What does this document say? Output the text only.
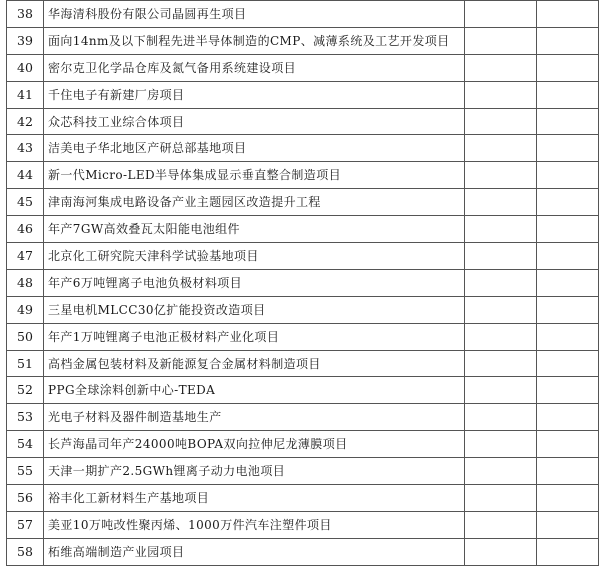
38	华海清科股份有限公司晶圆再生项目		
39	面向14nm及以下制程先进半导体制造的CMP、减薄系统及工艺开发项目		
40	密尔克卫化学品仓库及氮气备用系统建设项目		
41	千住电子有新建厂房项目		
42	众芯科技工业综合体项目		
43	洁美电子华北地区产研总部基地项目		
44	新一代Micro-LED半导体集成显示垂直整合制造项目		
45	津南海河集成电路设备产业主题园区改造提升工程		
46	年产7GW高效叠瓦太阳能电池组件		
47	北京化工研究院天津科学试验基地项目		
48	年产6万吨锂离子电池负极材料项目		
49	三星电机MLCC30亿扩能投资改造项目		
50	年产1万吨锂离子电池正极材料产业化项目		
51	高档金属包装材料及新能源复合金属材料制造项目		
52	PPG全球涂料创新中心-TEDA		
53	光电子材料及器件制造基地生产		
54	长芦海晶司年产24000吨BOPA双向拉伸尼龙薄膜项目		
55	天津一期扩产2.5GWh锂离子动力电池项目		
56	裕丰化工新材料生产基地项目		
57	美亚10万吨改性聚丙烯、1000万件汽车注塑件项目		
58	柘维高端制造产业园项目		
